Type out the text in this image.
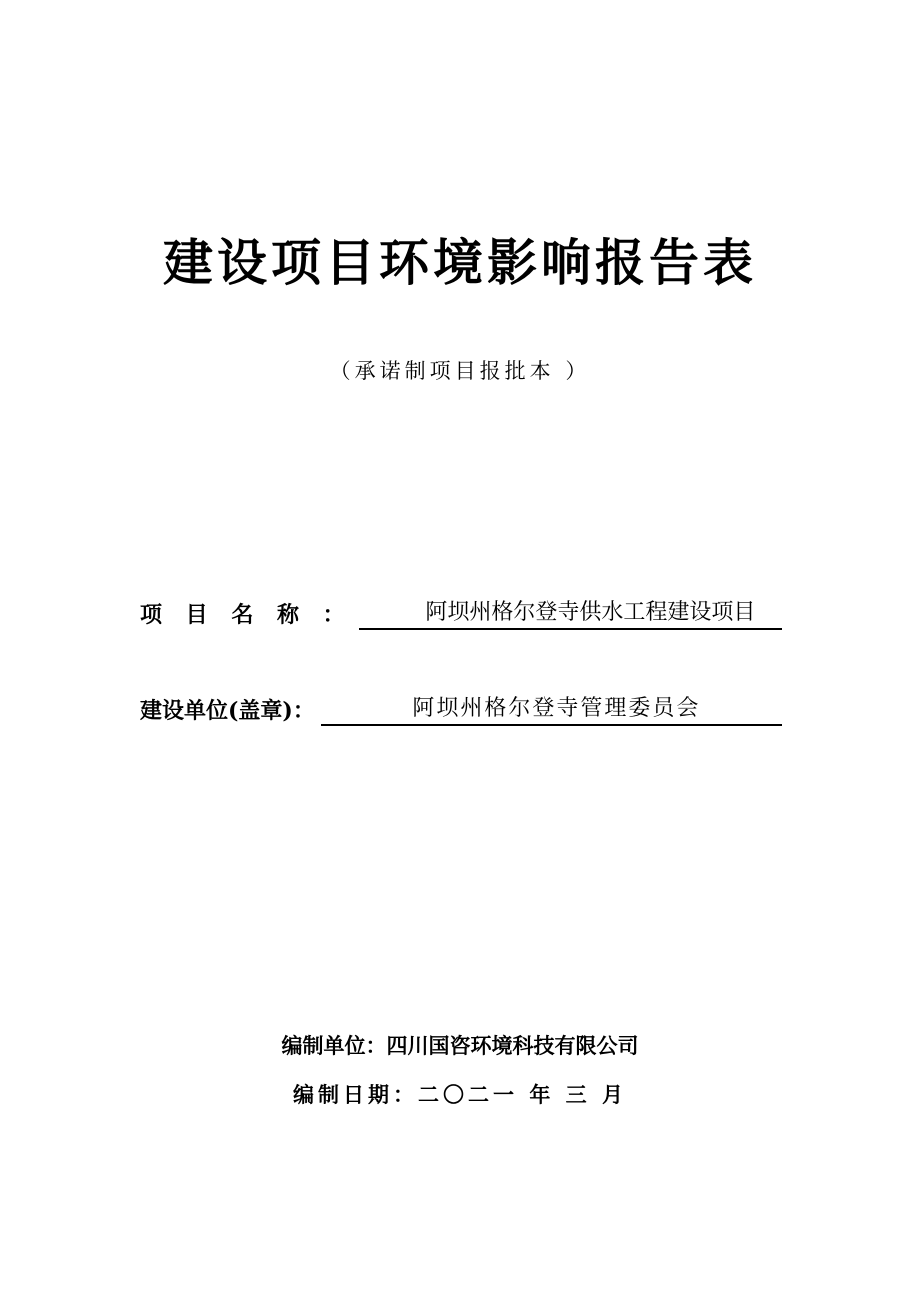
建设项目环境影响报告表
（承诺制项目报批本 ）
项 目 名 称 ：	阿坝州格尔登寺供水工程建设项目
建设单位(盖章)：	阿坝州格尔登寺管理委员会
编制单位：四川国咨环境科技有限公司
编制日期：二〇二一 年 三 月
